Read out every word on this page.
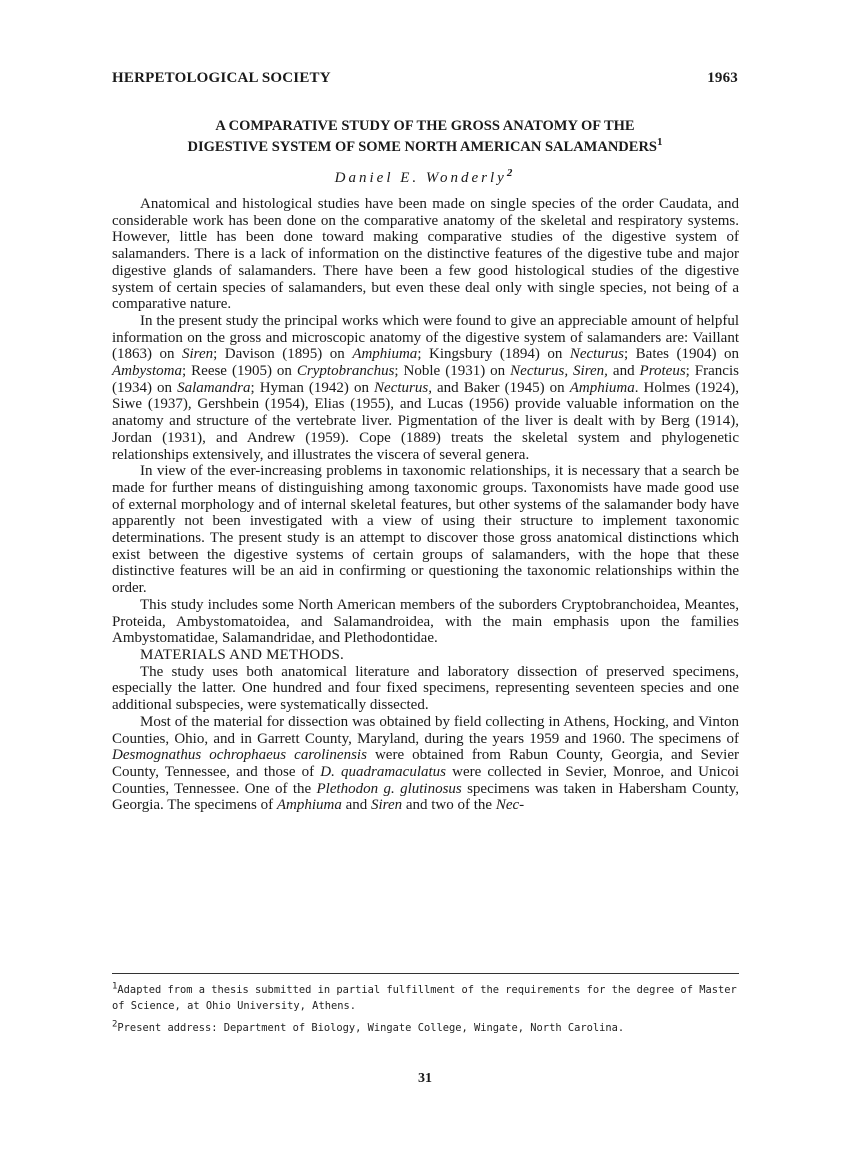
HERPETOLOGICAL SOCIETY	1963
A COMPARATIVE STUDY OF THE GROSS ANATOMY OF THE
DIGESTIVE SYSTEM OF SOME NORTH AMERICAN SALAMANDERS$^1$
Daniel E. Wonderly$^2$

Anatomical and histological studies have been made on single species of the order Caudata, and considerable work has been done on the comparative anatomy of the skeletal and respiratory systems. However, little has been done toward making comparative studies of the digestive system of salamanders. There is a lack of information on the distinctive features of the digestive tube and major digestive glands of salamanders. There have been a few good histological studies of the digestive system of certain species of salamanders, but even these deal only with single species, not being of a comparative nature.

In the present study the principal works which were found to give an appreciable amount of helpful information on the gross and microscopic anatomy of the digestive system of salamanders are: Vaillant (1863) on Siren; Davison (1895) on Amphiuma; Kingsbury (1894) on Necturus; Bates (1904) on Ambystoma; Reese (1905) on Cryptobranchus; Noble (1931) on Necturus, Siren, and Proteus; Francis (1934) on Salamandra; Hyman (1942) on Necturus, and Baker (1945) on Amphiuma. Holmes (1924), Siwe (1937), Gershbein (1954), Elias (1955), and Lucas (1956) provide valuable information on the anatomy and structure of the vertebrate liver. Pigmentation of the liver is dealt with by Berg (1914), Jordan (1931), and Andrew (1959). Cope (1889) treats the skeletal system and phylogenetic relationships extensively, and illustrates the viscera of several genera.

In view of the ever-increasing problems in taxonomic relationships, it is necessary that a search be made for further means of distinguishing among taxonomic groups. Taxonomists have made good use of external morphology and of internal skeletal features, but other systems of the salamander body have apparently not been investigated with a view of using their structure to implement taxonomic determinations. The present study is an attempt to discover those gross anatomical distinctions which exist between the digestive systems of certain groups of salamanders, with the hope that these distinctive features will be an aid in confirming or questioning the taxonomic relationships within the order.

This study includes some North American members of the suborders Cryptobranchoidea, Meantes, Proteida, Ambystomatoidea, and Salamandroidea, with the main emphasis upon the families Ambystomatidae, Salamandridae, and Plethodontidae.

MATERIALS AND METHODS.

The study uses both anatomical literature and laboratory dissection of preserved specimens, especially the latter. One hundred and four fixed specimens, representing seventeen species and one additional subspecies, were systematically dissected.

Most of the material for dissection was obtained by field collecting in Athens, Hocking, and Vinton Counties, Ohio, and in Garrett County, Maryland, during the years 1959 and 1960. The specimens of Desmognathus ochrophaeus carolinensis were obtained from Rabun County, Georgia, and Sevier County, Tennessee, and those of D. quadramaculatus were collected in Sevier, Monroe, and Unicoi Counties, Tennessee. One of the Plethodon g. glutinosus specimens was taken in Habersham County, Georgia. The specimens of Amphiuma and Siren and two of the Nec-

$^1$Adapted from a thesis submitted in partial fulfillment of the requirements for the degree of Master of Science, at Ohio University, Athens.

$^2$Present address: Department of Biology, Wingate College, Wingate, North Carolina.

31
